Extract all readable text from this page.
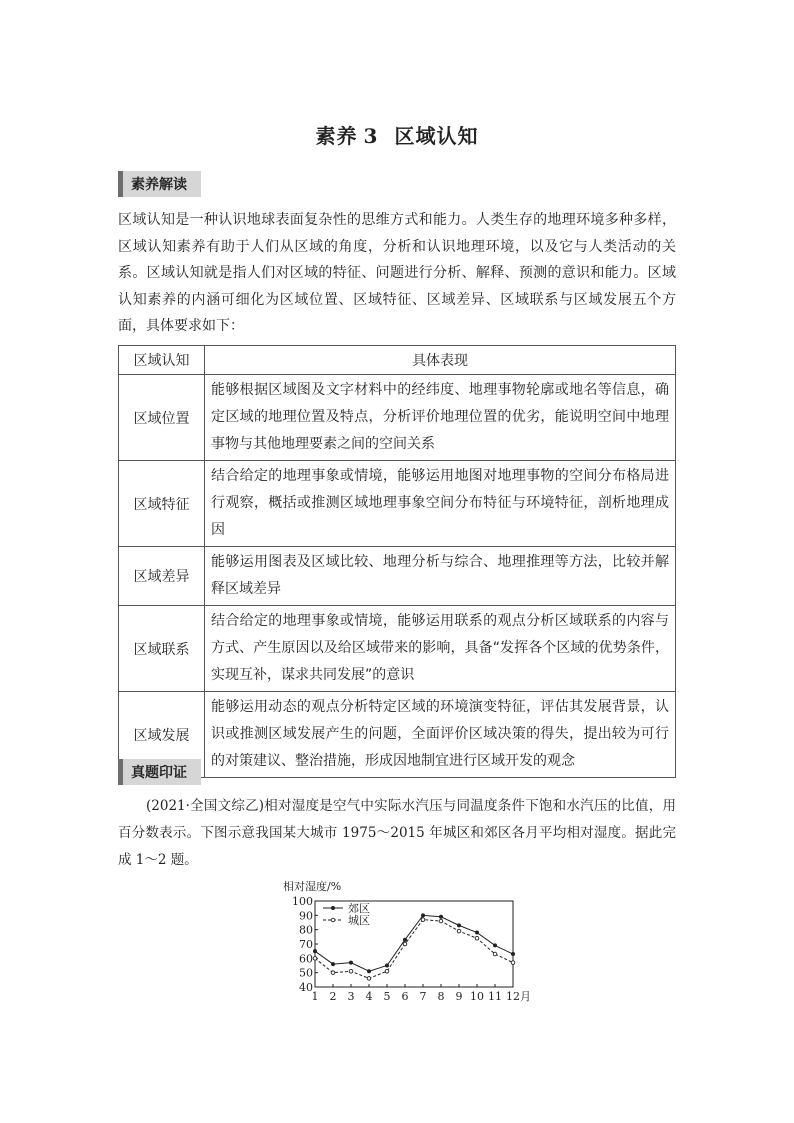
素养 3 区域认知
素养解读
区域认知是一种认识地球表面复杂性的思维方式和能力。人类生存的地理环境多种多样，区域认知素养有助于人们从区域的角度，分析和认识地理环境，以及它与人类活动的关系。区域认知就是指人们对区域的特征、问题进行分析、解释、预测的意识和能力。区域认知素养的内涵可细化为区域位置、区域特征、区域差异、区域联系与区域发展五个方面，具体要求如下：
区域认知	具体表现
区域位置	能够根据区域图及文字材料中的经纬度、地理事物轮廓或地名等信息，确定区域的地理位置及特点，分析评价地理位置的优劣，能说明空间中地理事物与其他地理要素之间的空间关系
区域特征	结合给定的地理事象或情境，能够运用地图对地理事物的空间分布格局进行观察，概括或推测区域地理事象空间分布特征与环境特征，剖析地理成因
区域差异	能够运用图表及区域比较、地理分析与综合、地理推理等方法，比较并解释区域差异
区域联系	结合给定的地理事象或情境，能够运用联系的观点分析区域联系的内容与方式、产生原因以及给区域带来的影响，具备“发挥各个区域的优势条件，实现互补，谋求共同发展”的意识
区域发展	能够运用动态的观点分析特定区域的环境演变特征，评估其发展背景，认识或推测区域发展产生的问题，全面评价区域决策的得失，提出较为可行的对策建议、整治措施，形成因地制宜进行区域开发的观念
真题印证
(2021·全国文综乙)相对湿度是空气中实际水汽压与同温度条件下饱和水汽压的比值，用百分数表示。下图示意我国某大城市 1975～2015 年城区和郊区各月平均相对湿度。据此完成 1～2 题。
相对湿度/%
40
50
60
70
80
90
100
1 2 3 4 5 6 7 8 9 10 11 12 月
郊区
城区
